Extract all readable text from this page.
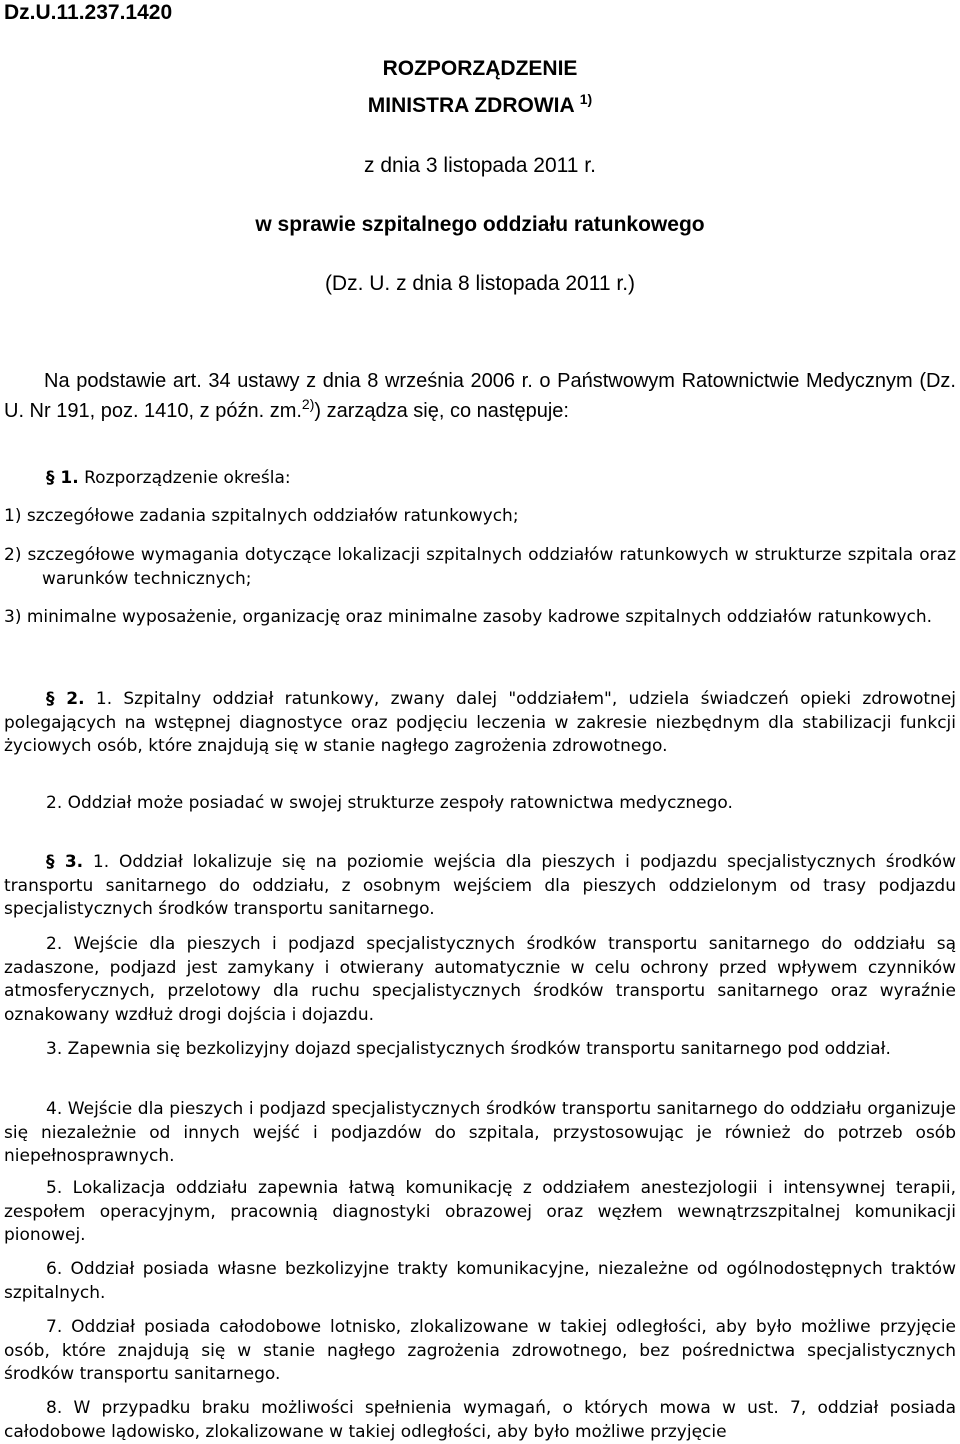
Dz.U.11.237.1420
ROZPORZĄDZENIE
MINISTRA ZDROWIA $^{1)}$
z dnia 3 listopada 2011 r.
w sprawie szpitalnego oddziału ratunkowego
(Dz. U. z dnia 8 listopada 2011 r.)
Na podstawie art. 34 ustawy z dnia 8 września 2006 r. o Państwowym Ratownictwie Medycznym (Dz. U. Nr 191, poz. 1410, z późn. zm.$^{2)}$) zarządza się, co następuje:
§ 1. Rozporządzenie określa:
1) szczegółowe zadania szpitalnych oddziałów ratunkowych;
2) szczegółowe wymagania dotyczące lokalizacji szpitalnych oddziałów ratunkowych w strukturze szpitala oraz warunków technicznych;
3) minimalne wyposażenie, organizację oraz minimalne zasoby kadrowe szpitalnych oddziałów ratunkowych.
§ 2. 1. Szpitalny oddział ratunkowy, zwany dalej "oddziałem", udziela świadczeń opieki zdrowotnej polegających na wstępnej diagnostyce oraz podjęciu leczenia w zakresie niezbędnym dla stabilizacji funkcji życiowych osób, które znajdują się w stanie nagłego zagrożenia zdrowotnego.
2. Oddział może posiadać w swojej strukturze zespoły ratownictwa medycznego.
§ 3. 1. Oddział lokalizuje się na poziomie wejścia dla pieszych i podjazdu specjalistycznych środków transportu sanitarnego do oddziału, z osobnym wejściem dla pieszych oddzielonym od trasy podjazdu specjalistycznych środków transportu sanitarnego.
2. Wejście dla pieszych i podjazd specjalistycznych środków transportu sanitarnego do oddziału są zadaszone, podjazd jest zamykany i otwierany automatycznie w celu ochrony przed wpływem czynników atmosferycznych, przelotowy dla ruchu specjalistycznych środków transportu sanitarnego oraz wyraźnie oznakowany wzdłuż drogi dojścia i dojazdu.
3. Zapewnia się bezkolizyjny dojazd specjalistycznych środków transportu sanitarnego pod oddział.
4. Wejście dla pieszych i podjazd specjalistycznych środków transportu sanitarnego do oddziału organizuje się niezależnie od innych wejść i podjazdów do szpitala, przystosowując je również do potrzeb osób niepełnosprawnych.
5. Lokalizacja oddziału zapewnia łatwą komunikację z oddziałem anestezjologii i intensywnej terapii, zespołem operacyjnym, pracownią diagnostyki obrazowej oraz węzłem wewnątrzszpitalnej komunikacji pionowej.
6. Oddział posiada własne bezkolizyjne trakty komunikacyjne, niezależne od ogólnodostępnych traktów szpitalnych.
7. Oddział posiada całodobowe lotnisko, zlokalizowane w takiej odległości, aby było możliwe przyjęcie osób, które znajdują się w stanie nagłego zagrożenia zdrowotnego, bez pośrednictwa specjalistycznych środków transportu sanitarnego.
8. W przypadku braku możliwości spełnienia wymagań, o których mowa w ust. 7, oddział posiada całodobowe lądowisko, zlokalizowane w takiej odległości, aby było możliwe przyjęcie
